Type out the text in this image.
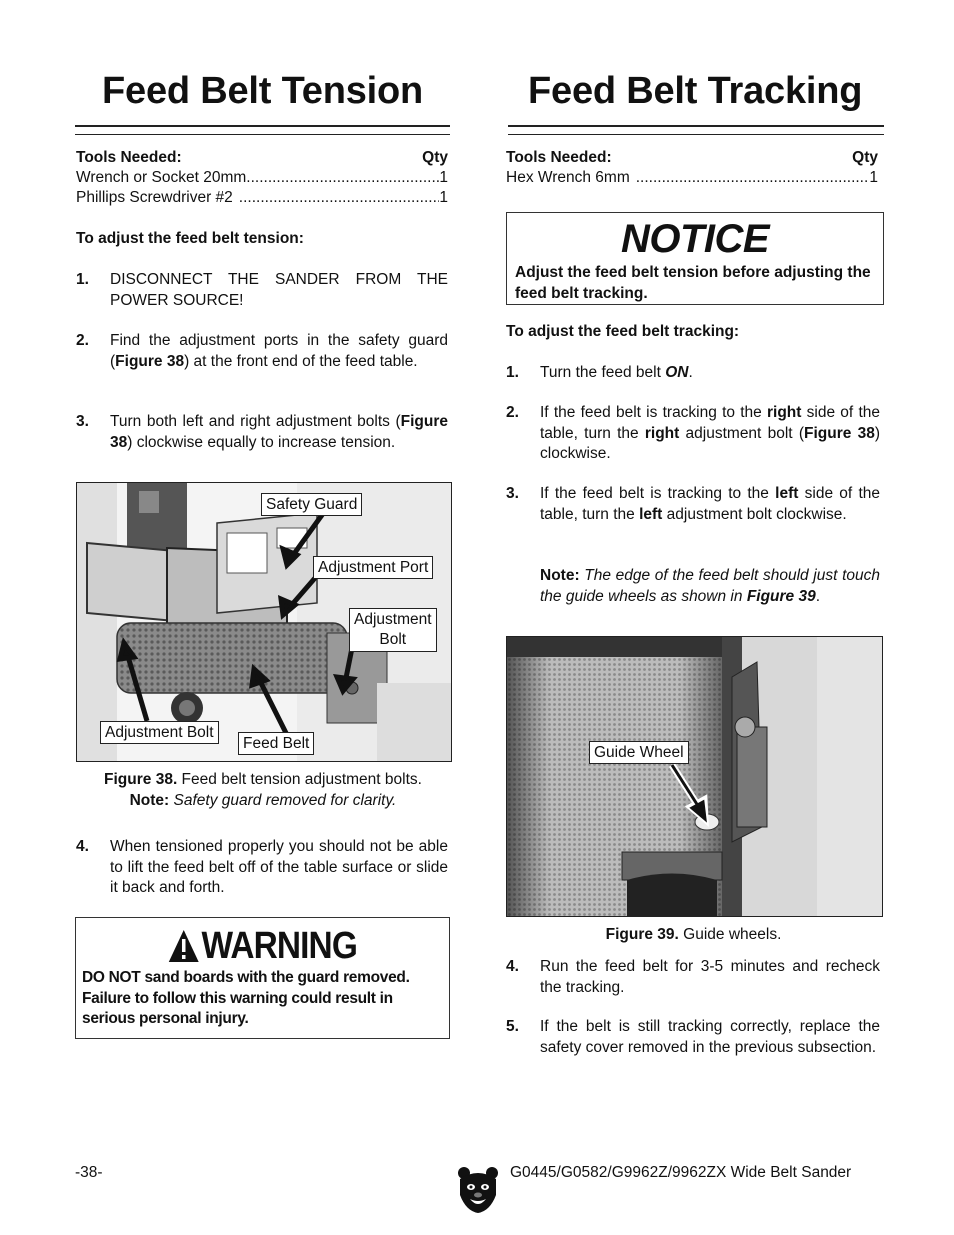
Feed Belt Tension
Tools Needed:	Qty
Wrench or Socket 20mm .....	1
Phillips Screwdriver #2 .....	1
To adjust the feed belt tension:
1.	DISCONNECT THE SANDER FROM THE POWER SOURCE!
2.	Find the adjustment ports in the safety guard (Figure 38) at the front end of the feed table.
3.	Turn both left and right adjustment bolts (Figure 38) clockwise equally to increase tension.
Safety Guard
Adjustment Port
Adjustment
Bolt
Adjustment Bolt
Feed Belt
Figure 38. Feed belt tension adjustment bolts.
Note: Safety guard removed for clarity.
4.	When tensioned properly you should not be able to lift the feed belt off of the table surface or slide it back and forth.
WARNING
DO NOT sand boards with the guard removed. Failure to follow this warning could result in serious personal injury.
Feed Belt Tracking
Tools Needed:	Qty
Hex Wrench 6mm .....	1
NOTICE
Adjust the feed belt tension before adjusting the feed belt tracking.
To adjust the feed belt tracking:
1.	Turn the feed belt ON.
2.	If the feed belt is tracking to the right side of the table, turn the right adjustment bolt (Figure 38) clockwise.
3.	If the feed belt is tracking to the left side of the table, turn the left adjustment bolt clockwise.
Note: The edge of the feed belt should just touch the guide wheels as shown in Figure 39.
Guide Wheel
Figure 39. Guide wheels.
4.	Run the feed belt for 3-5 minutes and recheck the tracking.
5.	If the belt is still tracking correctly, replace the safety cover removed in the previous subsection.
-38-	G0445/G0582/G9962Z/9962ZX Wide Belt Sander
